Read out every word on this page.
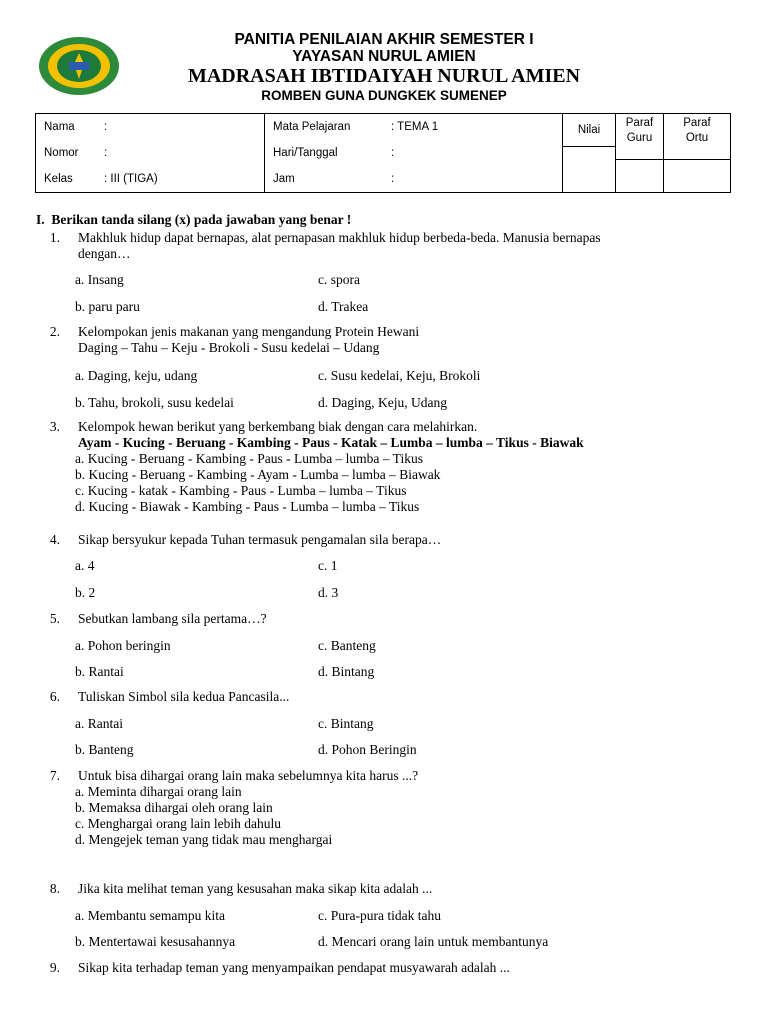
PANITIA PENILAIAN AKHIR SEMESTER I
YAYASAN NURUL AMIEN
MADRASAH IBTIDAIYAH NURUL AMIEN
ROMBEN GUNA DUNGKEK SUMENEP
Nama	:
Nomor	:
Kelas	: III (TIGA)

Mata Pelajaran	: TEMA 1
Hari/Tanggal	:
Jam	:

Nilai

Paraf
Guru

Paraf
Ortu
I. Berikan tanda silang (x) pada jawaban yang benar !
1. Makhluk hidup dapat bernapas, alat pernapasan makhluk hidup berbeda-beda. Manusia bernapas
dengan…
a. Insang	c. spora
b. paru paru	d. Trakea
2. Kelompokan jenis makanan yang mengandung Protein Hewani
Daging – Tahu – Keju - Brokoli - Susu kedelai – Udang
a. Daging, keju, udang	c. Susu kedelai, Keju, Brokoli
b. Tahu, brokoli, susu kedelai	d. Daging, Keju, Udang
3. Kelompok hewan berikut yang berkembang biak dengan cara melahirkan.
Ayam - Kucing - Beruang - Kambing - Paus - Katak – Lumba – lumba – Tikus - Biawak
a. Kucing - Beruang - Kambing - Paus - Lumba – lumba – Tikus
b. Kucing - Beruang - Kambing - Ayam - Lumba – lumba – Biawak
c. Kucing - katak - Kambing - Paus - Lumba – lumba – Tikus
d. Kucing - Biawak - Kambing - Paus - Lumba – lumba – Tikus
4. Sikap bersyukur kepada Tuhan termasuk pengamalan sila berapa…
a. 4	c. 1
b. 2	d. 3
5. Sebutkan lambang sila pertama…?
a. Pohon beringin	c. Banteng
b. Rantai	d. Bintang
6. Tuliskan Simbol sila kedua Pancasila...
a. Rantai	c. Bintang
b. Banteng	d. Pohon Beringin
7. Untuk bisa dihargai orang lain maka sebelumnya kita harus ...?
a. Meminta dihargai orang lain
b. Memaksa dihargai oleh orang lain
c. Menghargai orang lain lebih dahulu
d. Mengejek teman yang tidak mau menghargai
8. Jika kita melihat teman yang kesusahan maka sikap kita adalah ...
a. Membantu semampu kita	c. Pura-pura tidak tahu
b. Mentertawai kesusahannya	d. Mencari orang lain untuk membantunya
9. Sikap kita terhadap teman yang menyampaikan pendapat musyawarah adalah ...
